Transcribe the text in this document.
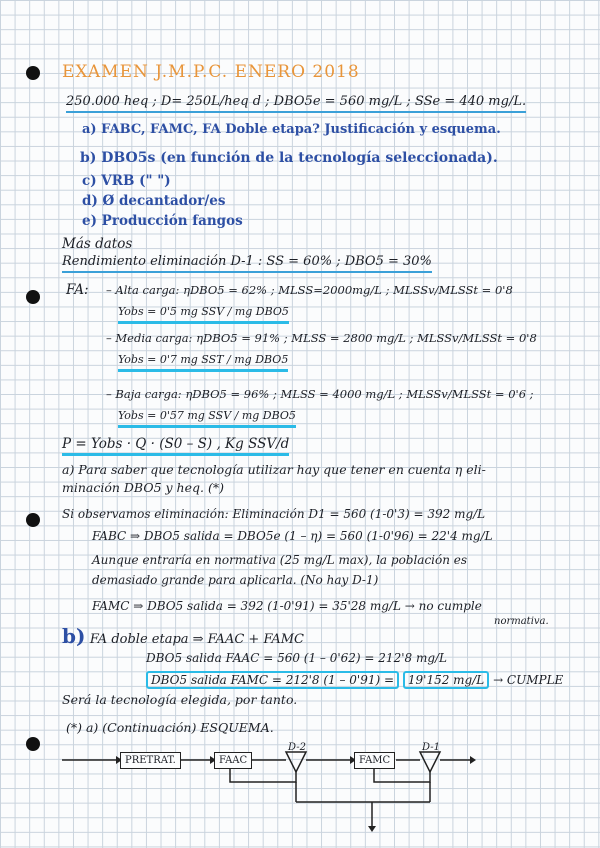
EXAMEN J.M.P.C. ENERO 2018
250.000 heq ; D= 250L/heq d ; DBO5e = 560 mg/L ; SSe = 440 mg/L.
a) FABC, FAMC, FA Doble etapa? Justificación y esquema.
b) DBO5s (en función de la tecnología seleccionada).
c) VRB (" ")
d) Ø decantador/es
e) Producción fangos
Más datos
Rendimiento eliminación D-1 : SS = 60% ; DBO5 = 30%
FA: – Alta carga: ηDBO5 = 62% ; MLSS=2000mg/L ; MLSSv/MLSSt = 0'8
Yobs = 0'5 mg SSV / mg DBO5
– Media carga: ηDBO5 = 91% ; MLSS = 2800 mg/L ; MLSSv/MLSSt = 0'8
Yobs = 0'7 mg SST / mg DBO5
– Baja carga: ηDBO5 = 96% ; MLSS = 4000 mg/L ; MLSSv/MLSSt = 0'6 ;
Yobs = 0'57 mg SSV / mg DBO5
P = Yobs · Q · (S0 – S) , Kg SSV/d
a) Para saber que tecnología utilizar hay que tener en cuenta η eli-
minación DBO5 y heq. (*)
Si observamos eliminación: Eliminación D1 = 560 (1-0'3) = 392 mg/L
FABC ⇒ DBO5 salida = DBO5e (1 – η) = 560 (1-0'96) = 22'4 mg/L
Aunque entraría en normativa (25 mg/L max), la población es
demasiado grande para aplicarla. (No hay D-1)
FAMC ⇒ DBO5 salida = 392 (1-0'91) = 35'28 mg/L → no cumple
normativa.
b) FA doble etapa ⇒ FAAC + FAMC
DBO5 salida FAAC = 560 (1 – 0'62) = 212'8 mg/L
DBO5 salida FAMC = 212'8 (1 – 0'91) = 19'152 mg/L → CUMPLE
Será la tecnología elegida, por tanto.
(*) a) (Continuación) ESQUEMA.
PRETRAT.	FAAC
D-2
FAMC
D-1
